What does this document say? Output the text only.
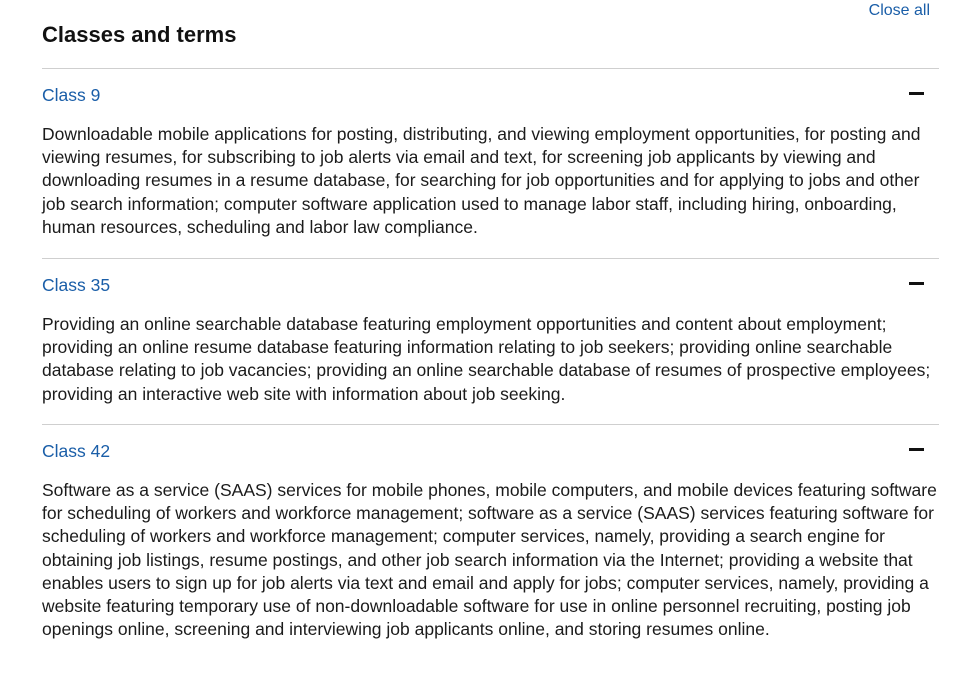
Close all
Classes and terms
Class 9

Downloadable mobile applications for posting, distributing, and viewing employment opportunities, for posting and viewing resumes, for subscribing to job alerts via email and text, for screening job applicants by viewing and downloading resumes in a resume database, for searching for job opportunities and for applying to jobs and other job search information; computer software application used to manage labor staff, including hiring, onboarding, human resources, scheduling and labor law compliance.

Class 35

Providing an online searchable database featuring employment opportunities and content about employment; providing an online resume database featuring information relating to job seekers; providing online searchable database relating to job vacancies; providing an online searchable database of resumes of prospective employees; providing an interactive web site with information about job seeking.

Class 42

Software as a service (SAAS) services for mobile phones, mobile computers, and mobile devices featuring software for scheduling of workers and workforce management; software as a service (SAAS) services featuring software for scheduling of workers and workforce management; computer services, namely, providing a search engine for obtaining job listings, resume postings, and other job search information via the Internet; providing a website that enables users to sign up for job alerts via text and email and apply for jobs; computer services, namely, providing a website featuring temporary use of non-downloadable software for use in online personnel recruiting, posting job openings online, screening and interviewing job applicants online, and storing resumes online.
